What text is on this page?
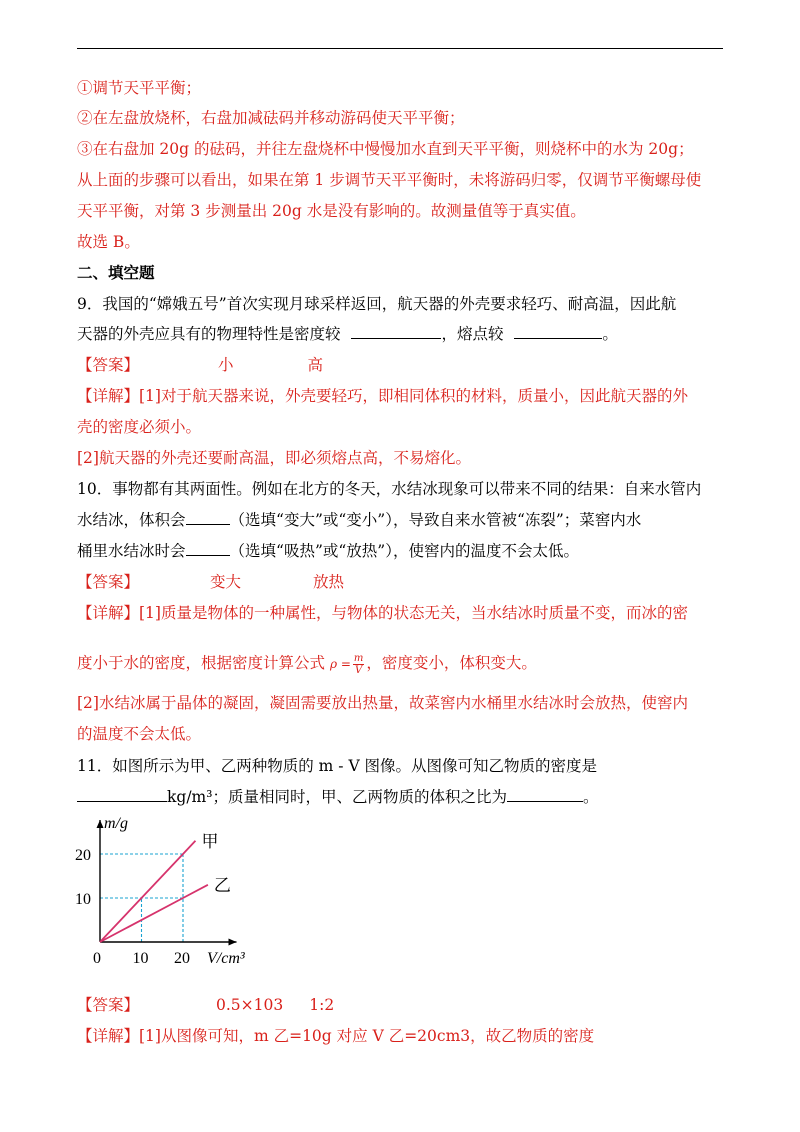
①调节天平平衡；
②在左盘放烧杯，右盘加减砝码并移动游码使天平平衡；
③在右盘加 20g 的砝码，并往左盘烧杯中慢慢加水直到天平平衡，则烧杯中的水为 20g；
从上面的步骤可以看出，如果在第 1 步调节天平平衡时，未将游码归零，仅调节平衡螺母使
天平平衡，对第 3 步测量出 20g 水是没有影响的。故测量值等于真实值。
故选 B。
二、填空题
9．我国的“嫦娥五号”首次实现月球采样返回，航天器的外壳要求轻巧、耐高温，因此航
天器的外壳应具有的物理特性是密度较	，熔点较	。
【答案】	小	高
【详解】[1]对于航天器来说，外壳要轻巧，即相同体积的材料，质量小，因此航天器的外
壳的密度必须小。
[2]航天器的外壳还要耐高温，即必须熔点高，不易熔化。
10．事物都有其两面性。例如在北方的冬天，水结冰现象可以带来不同的结果：自来水管内
水结冰，体积会	（选填“变大”或“变小”），导致自来水管被“冻裂”；菜窖内水
桶里水结冰时会	（选填“吸热”或“放热”），使窖内的温度不会太低。
【答案】	变大	放热
【详解】[1]质量是物体的一种属性，与物体的状态无关，当水结冰时质量不变，而冰的密
度小于水的密度，根据密度计算公式 $\rho = \frac{m}{V}$ ，密度变小，体积变大。
[2]水结冰属于晶体的凝固，凝固需要放出热量，故菜窖内水桶里水结冰时会放热，使窖内
的温度不会太低。
11．如图所示为甲、乙两种物质的 m - V 图像。从图像可知乙物质的密度是
kg/m³；质量相同时，甲、乙两物质的体积之比为	。
甲
乙
0 10 20
10
20
V/cm³
m/g
【答案】	0.5×103 1:2
【详解】[1]从图像可知，m 乙=10g 对应 V 乙=20cm3，故乙物质的密度
